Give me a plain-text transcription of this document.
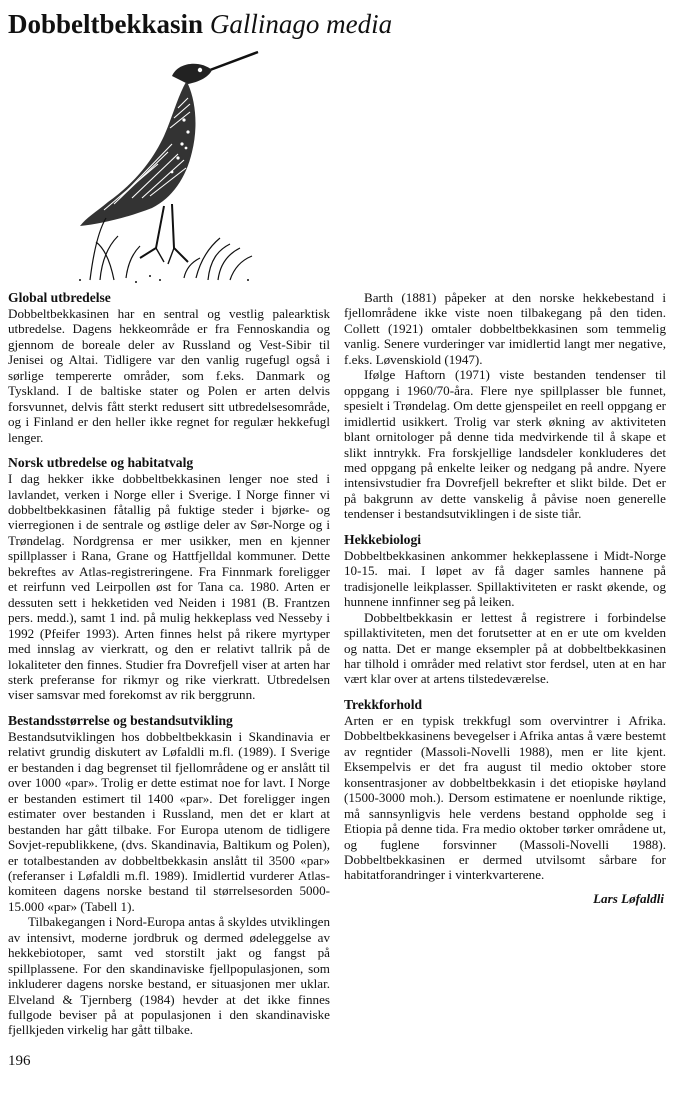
Dobbeltbekkasin Gallinago media
Global utbredelse

Dobbeltbekkasinen har en sentral og vestlig palearktisk utbredelse. Dagens hekkeområde er fra Fennoskandia og gjennom de boreale deler av Russland og Vest-Sibir til Jenisei og Altai. Tidligere var den vanlig rugefugl også i sørlige tempererte områder, som f.eks. Danmark og Tyskland. I de baltiske stater og Polen er arten delvis forsvunnet, delvis fått sterkt redusert sitt utbredelsesområde, og i Finland er den heller ikke regnet for regulær hekkefugl lenger.

Norsk utbredelse og habitatvalg

I dag hekker ikke dobbeltbekkasinen lenger noe sted i lavlandet, verken i Norge eller i Sverige. I Norge finner vi dobbeltbekkasinen fåtallig på fuktige steder i bjørke- og vierregionen i de sentrale og østlige deler av Sør-Norge og i Trøndelag. Nordgrensa er mer usikker, men en kjenner spillplasser i Rana, Grane og Hattfjelldal kommuner. Dette bekreftes av Atlas-registreringene. Fra Finnmark foreligger et reirfunn ved Leirpollen øst for Tana ca. 1980. Arten er dessuten sett i hekketiden ved Neiden i 1981 (B. Frantzen pers. medd.), samt 1 ind. på mulig hekkeplass ved Nesseby i 1992 (Pfeifer 1993). Arten finnes helst på rikere myrtyper med innslag av vierkratt, og den er relativt tallrik på de lokaliteter den finnes. Studier fra Dovrefjell viser at arten har sterk preferanse for rikmyr og rike vierkratt. Utbredelsen viser samsvar med forekomst av rik berggrunn.

Bestandsstørrelse og bestandsutvikling

Bestandsutviklingen hos dobbeltbekkasin i Skandinavia er relativt grundig diskutert av Løfaldli m.fl. (1989). I Sverige er bestanden i dag begrenset til fjellområdene og er anslått til over 1000 «par». Trolig er dette estimat noe for lavt. I Norge er bestanden estimert til 1400 «par». Det foreligger ingen estimater over bestanden i Russland, men det er klart at bestanden har gått tilbake. For Europa utenom de tidligere Sovjet-republikkene, (dvs. Skandinavia, Baltikum og Polen), er totalbestanden av dobbeltbekkasin anslått til 3500 «par» (referanser i Løfaldli m.fl. 1989). Imidlertid vurderer Atlas-komiteen dagens norske bestand til størrelsesorden 5000-15.000 «par» (Tabell 1).

Tilbakegangen i Nord-Europa antas å skyldes utviklingen av intensivt, moderne jordbruk og dermed ødeleggelse av hekkebiotoper, samt ved storstilt jakt og fangst på spillplassene. For den skandinaviske fjellpopulasjonen, som inkluderer dagens norske bestand, er situasjonen mer uklar. Elveland & Tjernberg (1984) hevder at det ikke finnes fullgode beviser på at populasjonen i den skandinaviske fjellkjeden virkelig har gått tilbake.

Barth (1881) påpeker at den norske hekkebestand i fjellområdene ikke viste noen tilbakegang på den tiden. Collett (1921) omtaler dobbeltbekkasinen som temmelig vanlig. Senere vurderinger var imidlertid langt mer negative, f.eks. Løvenskiold (1947).

Ifølge Haftorn (1971) viste bestanden tendenser til oppgang i 1960/70-åra. Flere nye spillplasser ble funnet, spesielt i Trøndelag. Om dette gjenspeilet en reell oppgang er imidlertid usikkert. Trolig var sterk økning av aktiviteten blant ornitologer på denne tida medvirkende til å skape et slikt inntrykk. Fra forskjellige landsdeler konkluderes det med oppgang på enkelte leiker og nedgang på andre. Nyere intensivstudier fra Dovrefjell bekrefter et slikt bilde. Det er på bakgrunn av dette vanskelig å påvise noen generelle tendenser i bestandsutviklingen i de siste tiår.

Hekkebiologi

Dobbeltbekkasinen ankommer hekkeplassene i Midt-Norge 10-15. mai. I løpet av få dager samles hannene på tradisjonelle leikplasser. Spillaktiviteten er raskt økende, og hunnene innfinner seg på leiken.

Dobbeltbekkasin er lettest å registrere i forbindelse spillaktiviteten, men det forutsetter at en er ute om kvelden og natta. Det er mange eksempler på at dobbeltbekkasinen har tilhold i områder med relativt stor ferdsel, uten at en har vært klar over at artens tilstedeværelse.

Trekkforhold

Arten er en typisk trekkfugl som overvintrer i Afrika. Dobbeltbekkasinens bevegelser i Afrika antas å være bestemt av regntider (Massoli-Novelli 1988), men er lite kjent. Eksempelvis er det fra august til medio oktober store konsentrasjoner av dobbeltbekkasin i det etiopiske høyland (1500-3000 moh.). Dersom estimatene er noenlunde riktige, må sannsynligvis hele verdens bestand oppholde seg i Etiopia på denne tida. Fra medio oktober tørker områdene ut, og fuglene forsvinner (Massoli-Novelli 1988). Dobbeltbekkasinen er dermed utvilsomt sårbare for habitatforandringer i vinterkvarterene.

Lars Løfaldli
196
